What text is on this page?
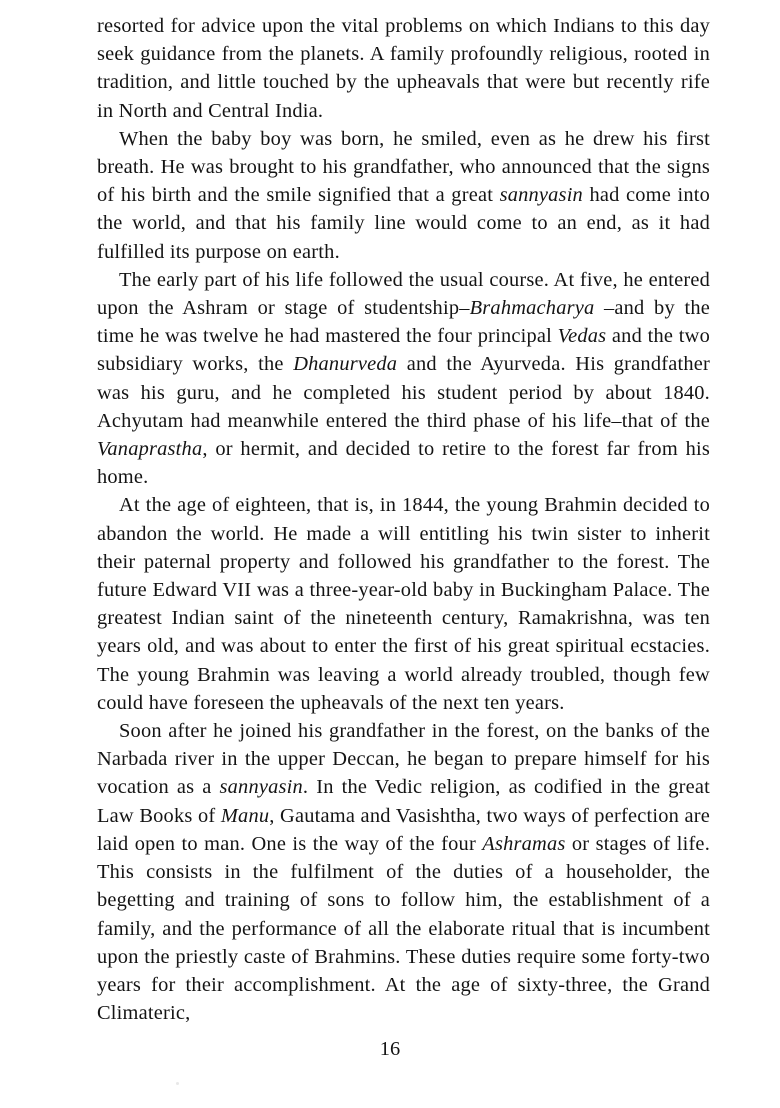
resorted for advice upon the vital problems on which Indians to this day seek guidance from the planets. A family profoundly religious, rooted in tradition, and little touched by the upheavals that were but recently rife in North and Central India.

When the baby boy was born, he smiled, even as he drew his first breath. He was brought to his grandfather, who announced that the signs of his birth and the smile signified that a great sannyasin had come into the world, and that his family line would come to an end, as it had fulfilled its purpose on earth.

The early part of his life followed the usual course. At five, he entered upon the Ashram or stage of studentship–Brahmacharya –and by the time he was twelve he had mastered the four principal Vedas and the two subsidiary works, the Dhanurveda and the Ayurveda. His grandfather was his guru, and he completed his student period by about 1840. Achyutam had meanwhile entered the third phase of his life–that of the Vanaprastha, or hermit, and decided to retire to the forest far from his home.

At the age of eighteen, that is, in 1844, the young Brahmin decided to abandon the world. He made a will entitling his twin sister to inherit their paternal property and followed his grandfather to the forest. The future Edward VII was a three-year-old baby in Buckingham Palace. The greatest Indian saint of the nineteenth century, Ramakrishna, was ten years old, and was about to enter the first of his great spiritual ecstacies. The young Brahmin was leaving a world already troubled, though few could have foreseen the upheavals of the next ten years.

Soon after he joined his grandfather in the forest, on the banks of the Narbada river in the upper Deccan, he began to prepare himself for his vocation as a sannyasin. In the Vedic religion, as codified in the great Law Books of Manu, Gautama and Vasishtha, two ways of perfection are laid open to man. One is the way of the four Ashramas or stages of life. This consists in the fulfilment of the duties of a householder, the begetting and training of sons to follow him, the establishment of a family, and the performance of all the elaborate ritual that is incumbent upon the priestly caste of Brahmins. These duties require some forty-two years for their accomplishment. At the age of sixty-three, the Grand Climateric,

16
